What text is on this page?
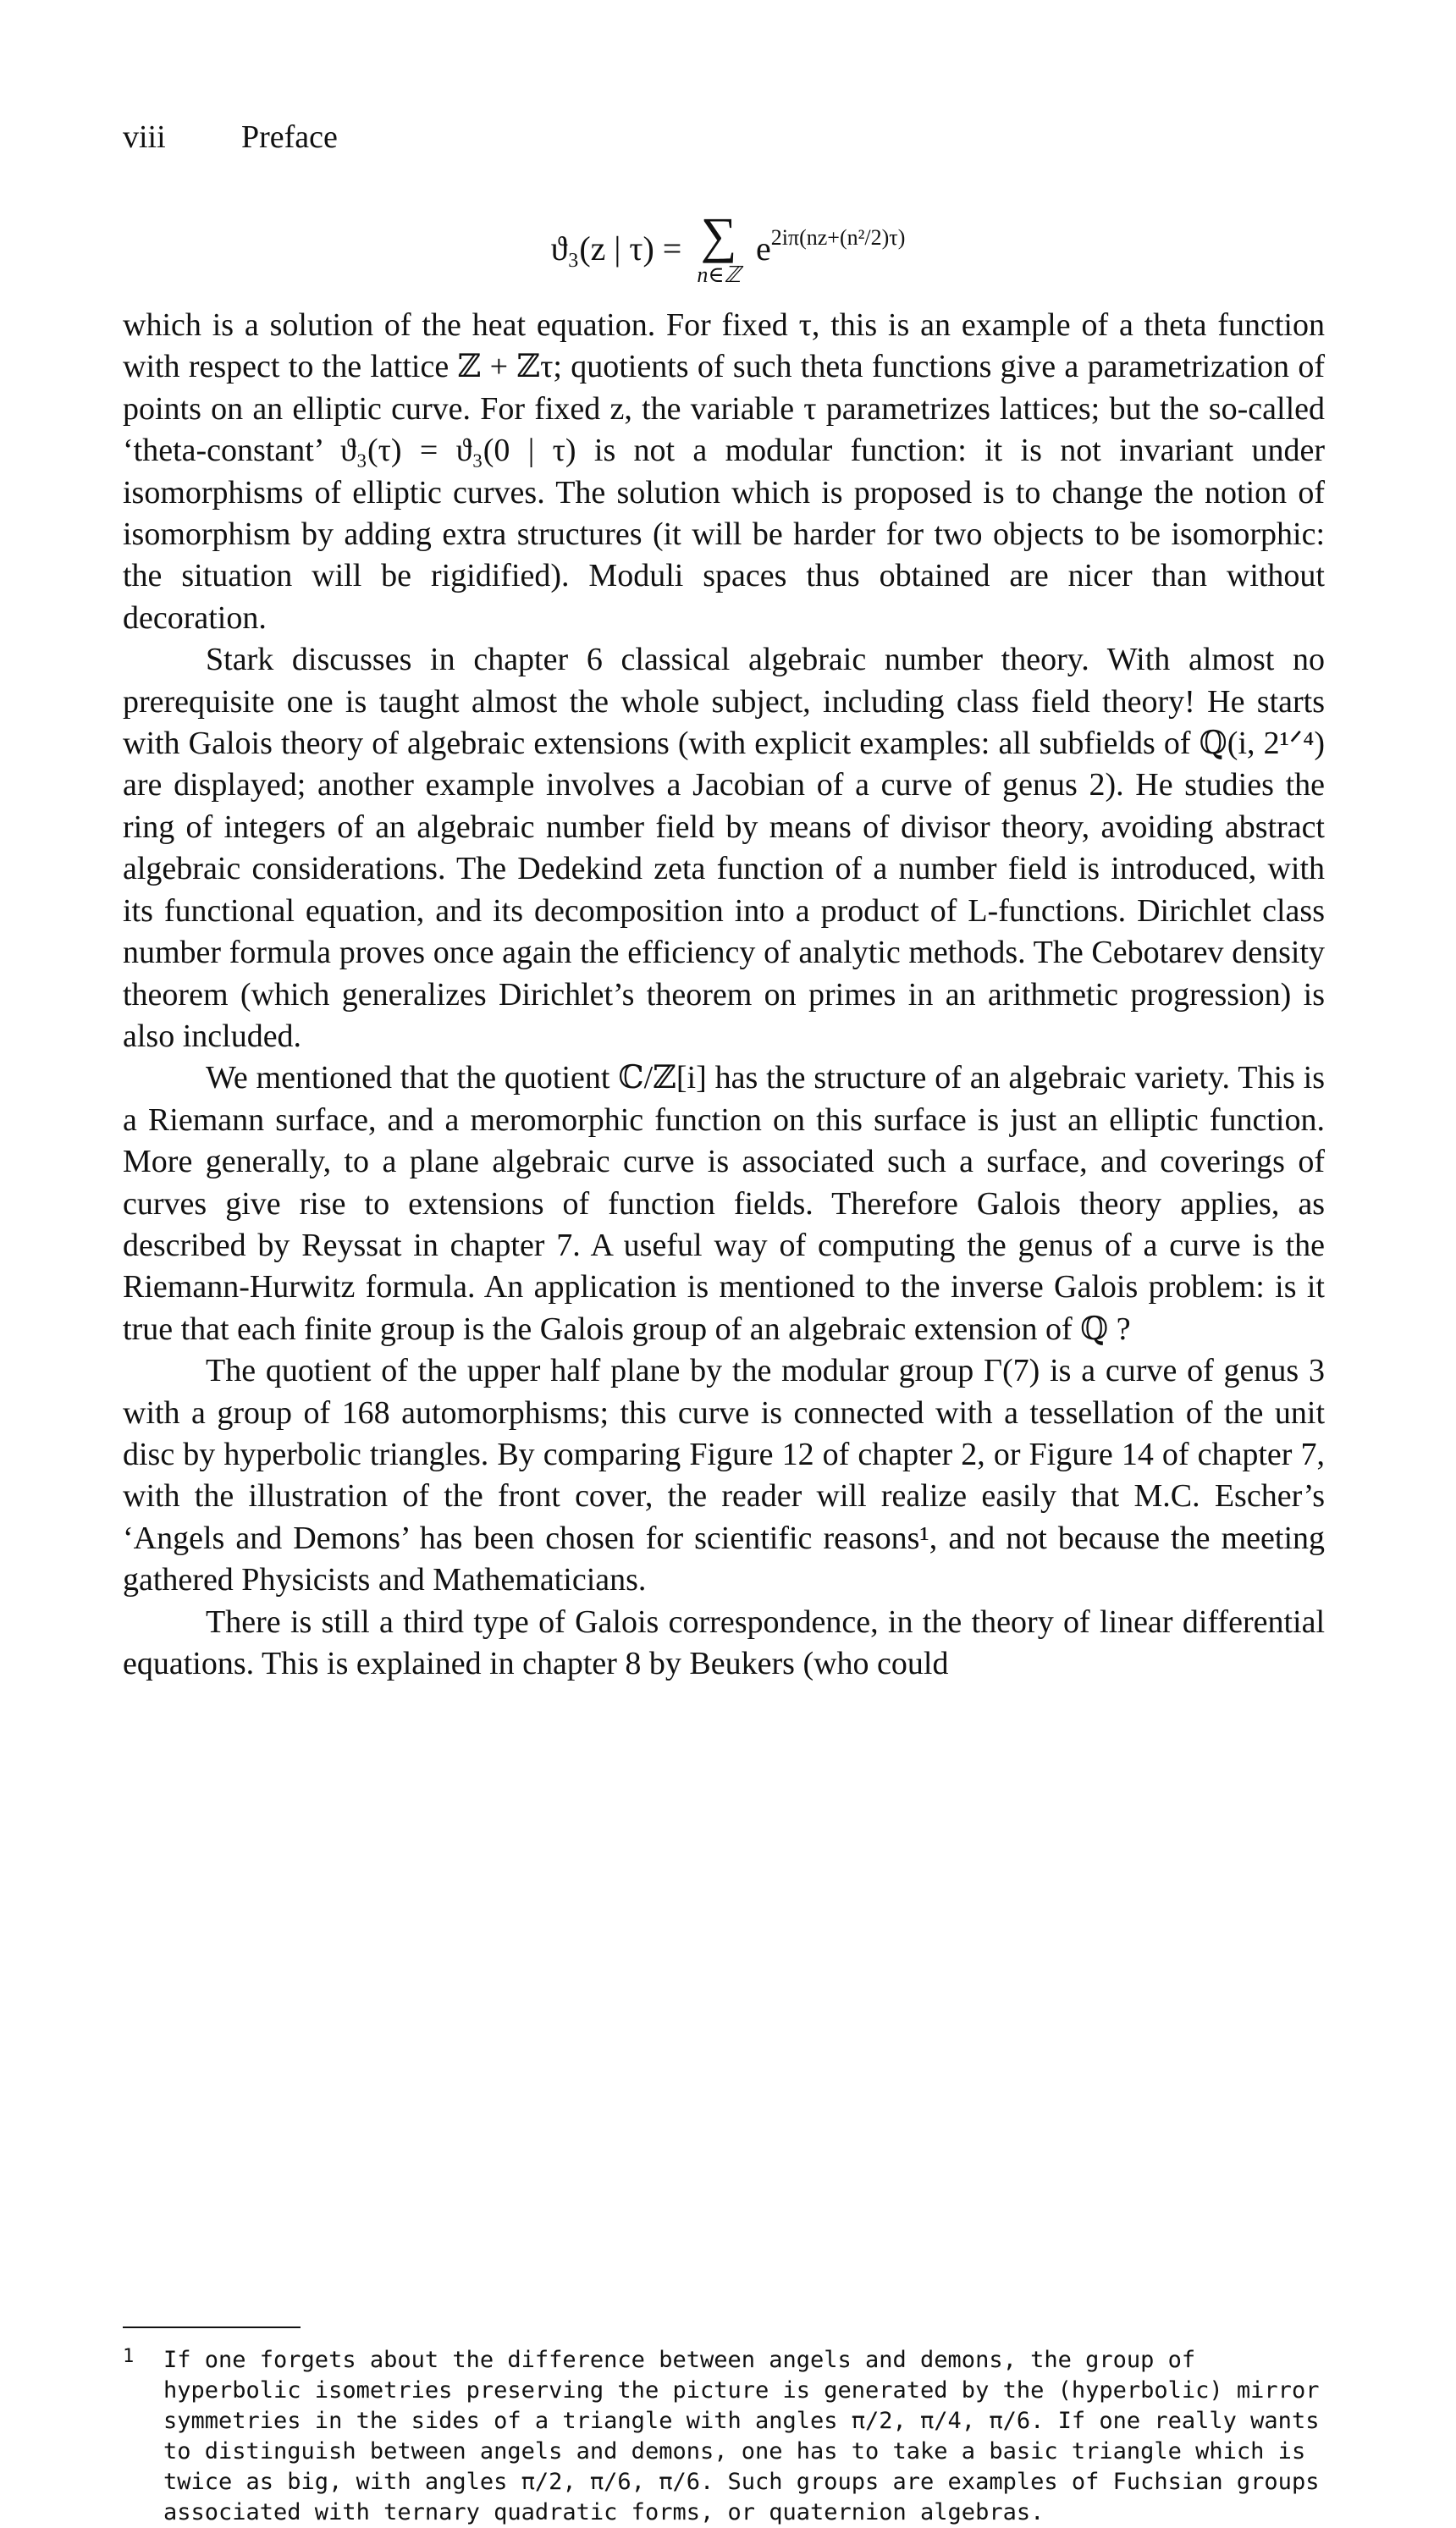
viii Preface
ϑ₃(z | τ) = ∑
n∈ℤ
$e^{2i\pi(nz+(n^2/2)\tau)}$

which is a solution of the heat equation. For fixed τ, this is an example of a theta function with respect to the lattice ℤ + ℤτ; quotients of such theta functions give a parametrization of points on an elliptic curve. For fixed z, the variable τ parametrizes lattices; but the so-called ‘theta-constant’ ϑ₃(τ) = ϑ₃(0 | τ) is not a modular function: it is not invariant under isomorphisms of elliptic curves. The solution which is proposed is to change the notion of isomorphism by adding extra structures (it will be harder for two objects to be isomorphic: the situation will be rigidified). Moduli spaces thus obtained are nicer than without decoration.

Stark discusses in chapter 6 classical algebraic number theory. With almost no prerequisite one is taught almost the whole subject, including class field theory! He starts with Galois theory of algebraic extensions (with explicit examples: all subfields of ℚ(i, 2¹ᐟ⁴) are displayed; another example involves a Jacobian of a curve of genus 2). He studies the ring of integers of an algebraic number field by means of divisor theory, avoiding abstract algebraic considerations. The Dedekind zeta function of a number field is introduced, with its functional equation, and its decomposition into a product of L-functions. Dirichlet class number formula proves once again the efficiency of analytic methods. The Cebotarev density theorem (which generalizes Dirichlet’s theorem on primes in an arithmetic progression) is also included.

We mentioned that the quotient ℂ/ℤ[i] has the structure of an algebraic variety. This is a Riemann surface, and a meromorphic function on this surface is just an elliptic function. More generally, to a plane algebraic curve is associated such a surface, and coverings of curves give rise to extensions of function fields. Therefore Galois theory applies, as described by Reyssat in chapter 7. A useful way of computing the genus of a curve is the Riemann-Hurwitz formula. An application is mentioned to the inverse Galois problem: is it true that each finite group is the Galois group of an algebraic extension of ℚ ?

The quotient of the upper half plane by the modular group Γ(7) is a curve of genus 3 with a group of 168 automorphisms; this curve is connected with a tessellation of the unit disc by hyperbolic triangles. By comparing Figure 12 of chapter 2, or Figure 14 of chapter 7, with the illustration of the front cover, the reader will realize easily that M.C. Escher’s ‘Angels and Demons’ has been chosen for scientific reasons¹, and not because the meeting gathered Physicists and Mathematicians.

There is still a third type of Galois correspondence, in the theory of linear differential equations. This is explained in chapter 8 by Beukers (who could

1 If one forgets about the difference between angels and demons, the group of hyperbolic isometries preserving the picture is generated by the (hyperbolic) mirror symmetries in the sides of a triangle with angles π/2, π/4, π/6. If one really wants to distinguish between angels and demons, one has to take a basic triangle which is twice as big, with angles π/2, π/6, π/6. Such groups are examples of Fuchsian groups associated with ternary quadratic forms, or quaternion algebras.
